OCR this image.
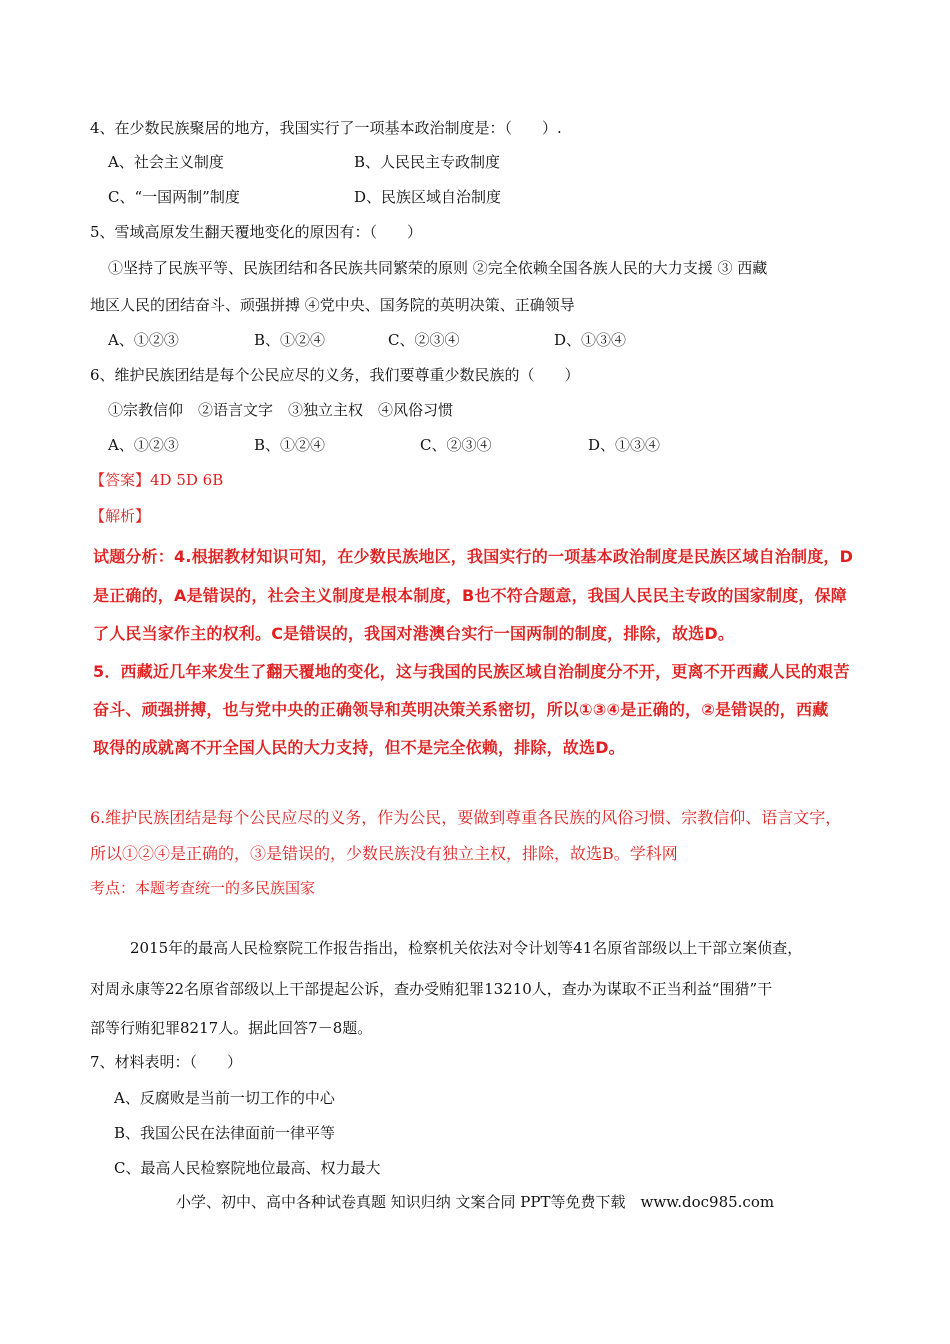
4、在少数民族聚居的地方，我国实行了一项基本政治制度是：（　　）.
A、社会主义制度	B、人民民主专政制度
C、“一国两制”制度	D、民族区域自治制度
5、雪域高原发生翻天覆地变化的原因有：（　　）
①坚持了民族平等、民族团结和各民族共同繁荣的原则 ②完全依赖全国各族人民的大力支援 ③ 西藏
地区人民的团结奋斗、顽强拼搏 ④党中央、国务院的英明决策、正确领导
A、①②③	B、①②④	C、②③④	D、①③④
6、维护民族团结是每个公民应尽的义务，我们要尊重少数民族的（　　）
①宗教信仰　②语言文字　③独立主权　④风俗习惯
A、①②③	B、①②④	C、②③④	D、①③④
【答案】4D 5D 6B
【解析】
试题分析：4.根据教材知识可知，在少数民族地区，我国实行的一项基本政治制度是民族区域自治制度，D
是正确的，A是错误的，社会主义制度是根本制度，B也不符合题意，我国人民民主专政的国家制度，保障
了人民当家作主的权利。C是错误的，我国对港澳台实行一国两制的制度，排除，故选D。
5．西藏近几年来发生了翻天覆地的变化，这与我国的民族区域自治制度分不开，更离不开西藏人民的艰苦
奋斗、顽强拼搏，也与党中央的正确领导和英明决策关系密切，所以①③④是正确的，②是错误的，西藏
取得的成就离不开全国人民的大力支持，但不是完全依赖，排除，故选D。
6.维护民族团结是每个公民应尽的义务，作为公民，要做到尊重各民族的风俗习惯、宗教信仰、语言文字，
所以①②④是正确的，③是错误的，少数民族没有独立主权，排除，故选B。学科网
考点：本题考查统一的多民族国家
2015年的最高人民检察院工作报告指出，检察机关依法对令计划等41名原省部级以上干部立案侦查，
对周永康等22名原省部级以上干部提起公诉，查办受贿犯罪13210人，查办为谋取不正当利益“围猎”干
部等行贿犯罪8217人。据此回答7－8题。
7、材料表明：（　　）
A、反腐败是当前一切工作的中心
B、我国公民在法律面前一律平等
C、最高人民检察院地位最高、权力最大
小学、初中、高中各种试卷真题 知识归纳 文案合同 PPT等免费下载　www.doc985.com
